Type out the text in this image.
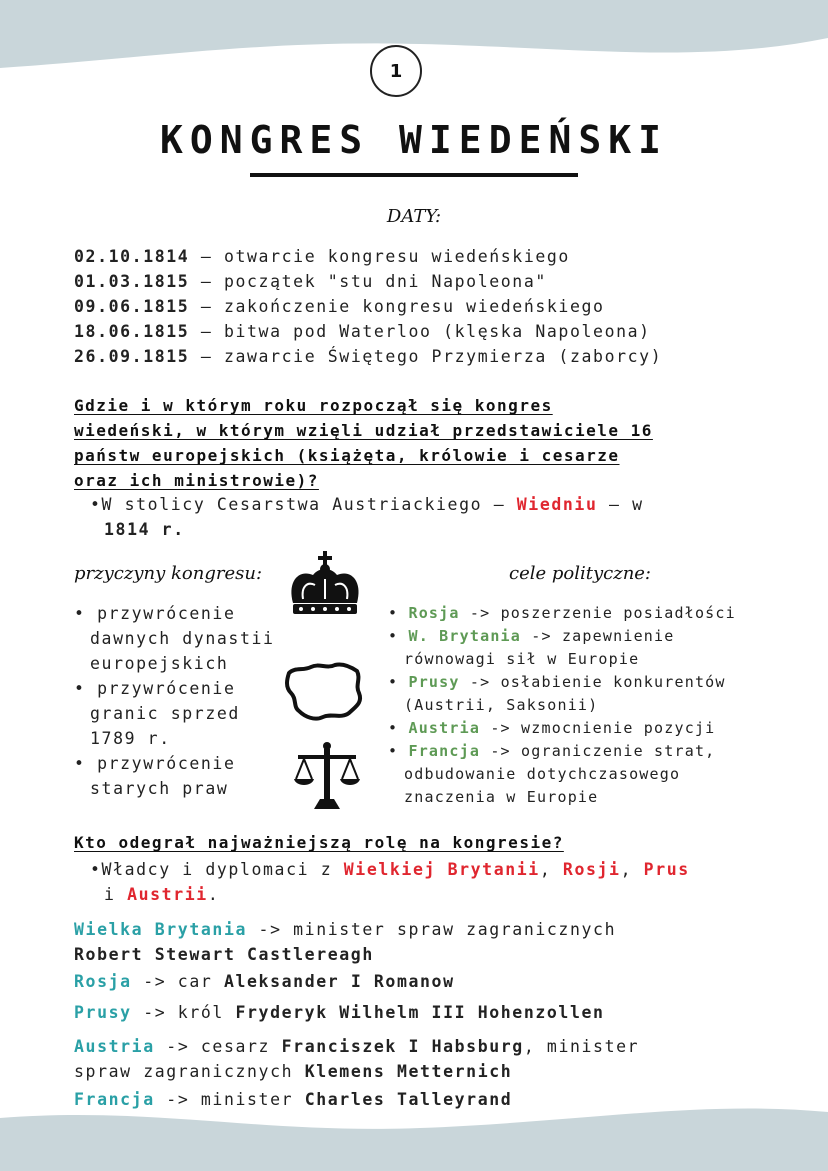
1
KONGRES WIEDEŃSKI
DATY:
02.10.1814 – otwarcie kongresu wiedeńskiego
01.03.1815 – początek "stu dni Napoleona"
09.06.1815 – zakończenie kongresu wiedeńskiego
18.06.1815 – bitwa pod Waterloo (klęska Napoleona)
26.09.1815 – zawarcie Świętego Przymierza (zaborcy)
Gdzie i w którym roku rozpoczął się kongres
wiedeński, w którym wzięli udział przedstawiciele 16
państw europejskich (książęta, królowie i cesarze
oraz ich ministrowie)?
•W stolicy Cesarstwa Austriackiego – Wiedniu – w
1814 r.
przyczyny kongresu:
• przywrócenie
dawnych dynastii
europejskich
• przywrócenie
granic sprzed
1789 r.
• przywrócenie
starych praw
cele polityczne:
• Rosja -> poszerzenie posiadłości
• W. Brytania -> zapewnienie
równowagi sił w Europie
• Prusy -> osłabienie konkurentów
(Austrii, Saksonii)
• Austria -> wzmocnienie pozycji
• Francja -> ograniczenie strat,
odbudowanie dotychczasowego
znaczenia w Europie
Kto odegrał najważniejszą rolę na kongresie?
•Władcy i dyplomaci z Wielkiej Brytanii, Rosji, Prus
i Austrii.
Wielka Brytania -> minister spraw zagranicznych
Robert Stewart Castlereagh
Rosja -> car Aleksander I Romanow
Prusy -> król Fryderyk Wilhelm III Hohenzollen
Austria -> cesarz Franciszek I Habsburg, minister
spraw zagranicznych Klemens Metternich
Francja -> minister Charles Talleyrand
